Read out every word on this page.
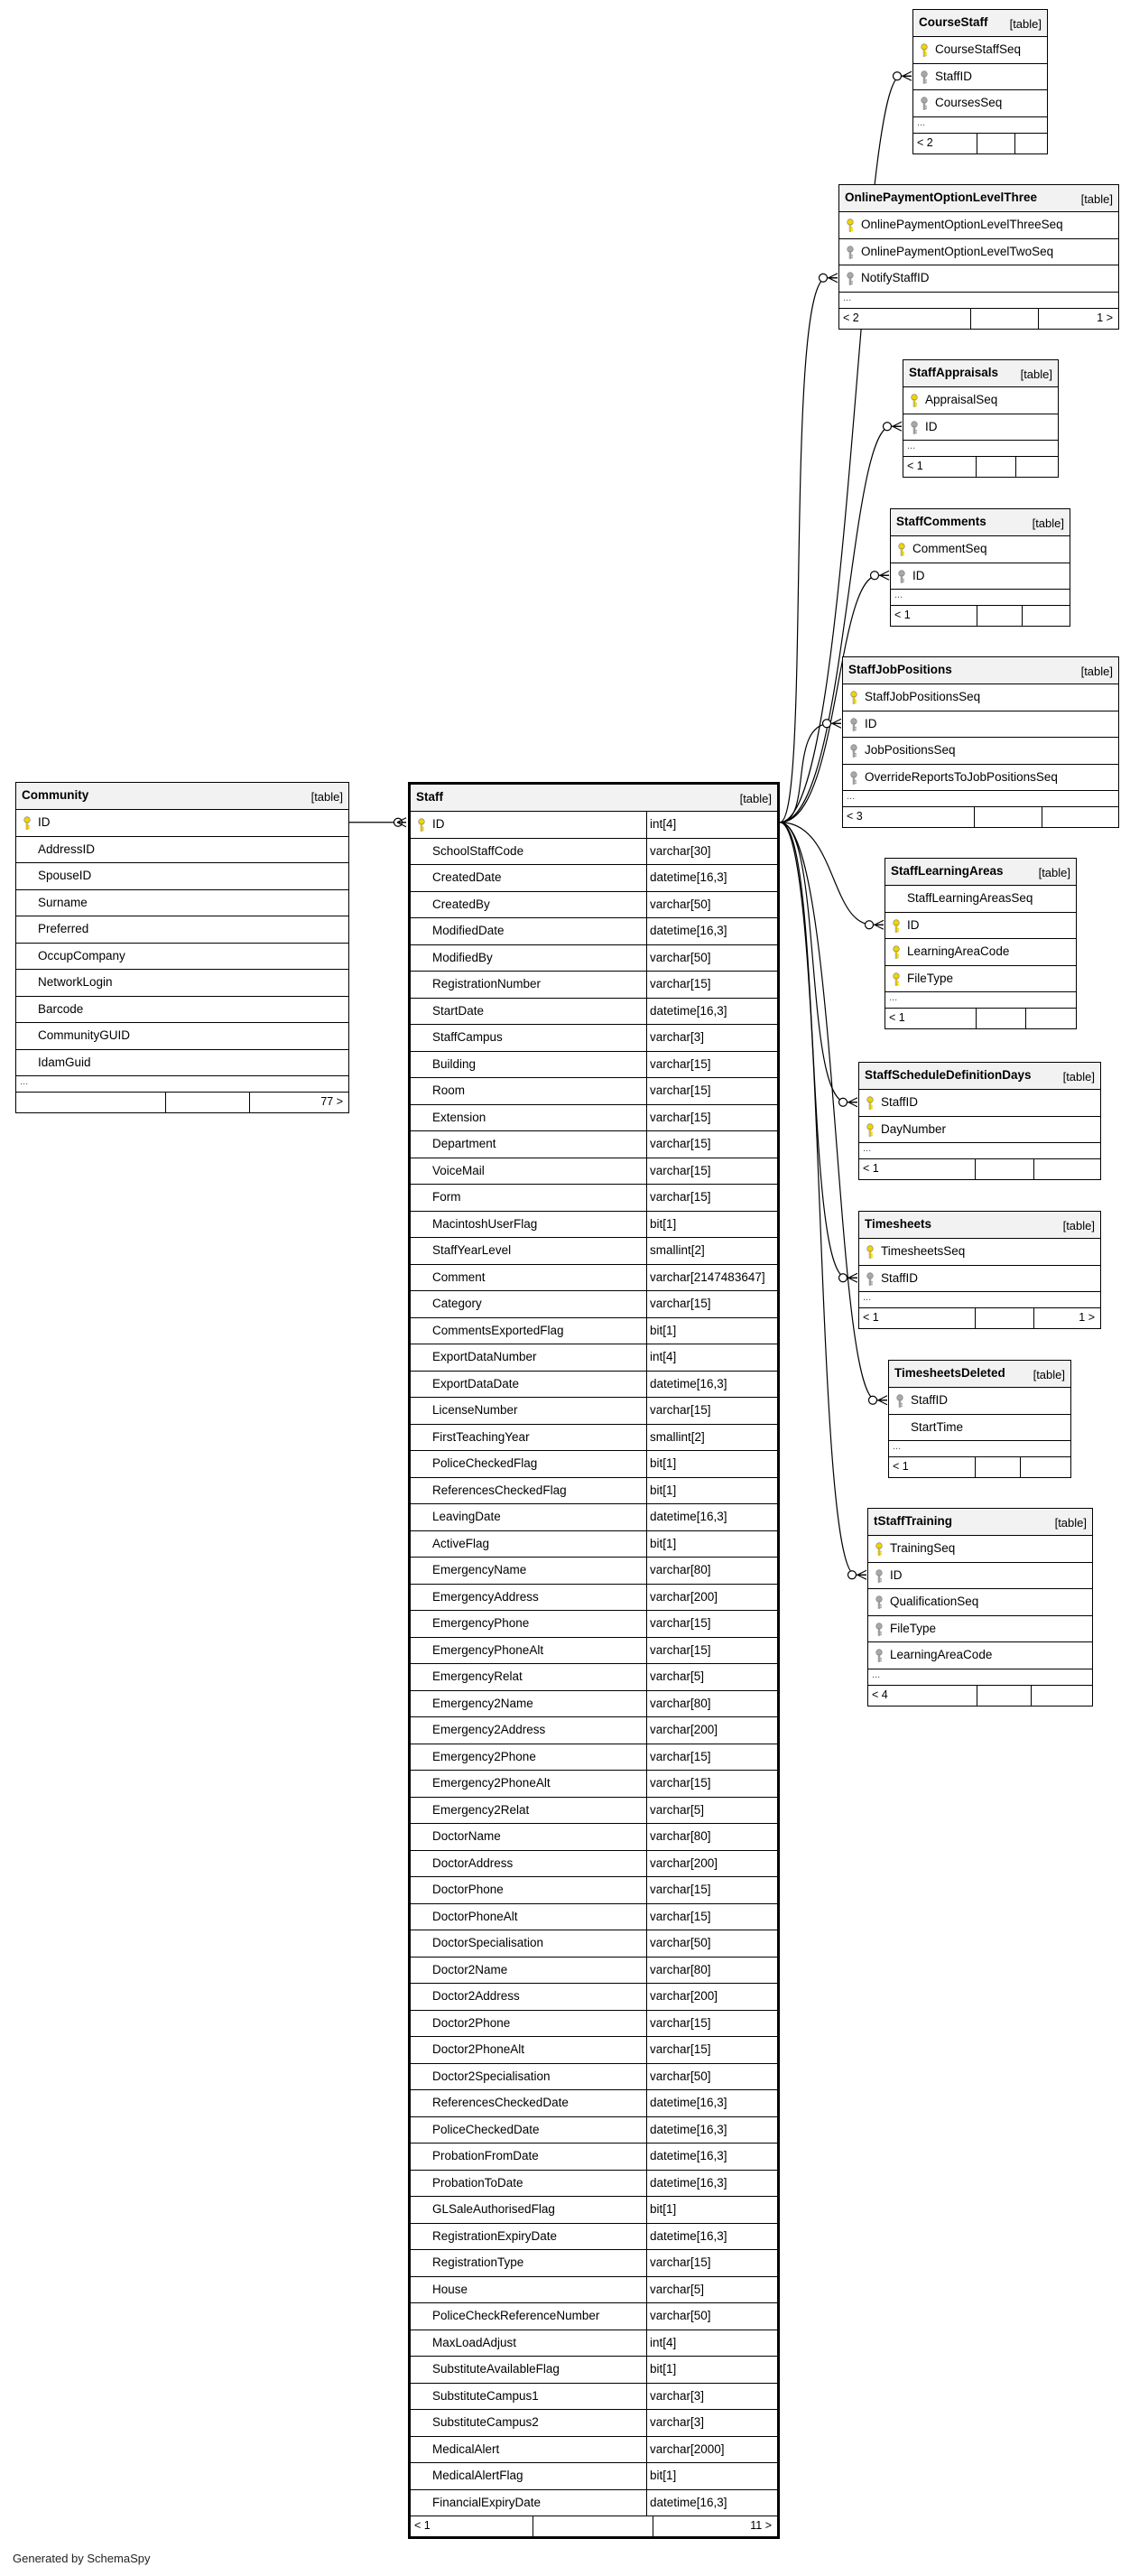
Community	[table]
ID
AddressID
SpouseID
Surname
Preferred
OccupCompany
NetworkLogin
Barcode
CommunityGUID
IdamGuid
...
77 >
Staff	[table]
ID	int[4]
SchoolStaffCode	varchar[30]
CreatedDate	datetime[16,3]
CreatedBy	varchar[50]
ModifiedDate	datetime[16,3]
ModifiedBy	varchar[50]
RegistrationNumber	varchar[15]
StartDate	datetime[16,3]
StaffCampus	varchar[3]
Building	varchar[15]
Room	varchar[15]
Extension	varchar[15]
Department	varchar[15]
VoiceMail	varchar[15]
Form	varchar[15]
MacintoshUserFlag	bit[1]
StaffYearLevel	smallint[2]
Comment	varchar[2147483647]
Category	varchar[15]
CommentsExportedFlag	bit[1]
ExportDataNumber	int[4]
ExportDataDate	datetime[16,3]
LicenseNumber	varchar[15]
FirstTeachingYear	smallint[2]
PoliceCheckedFlag	bit[1]
ReferencesCheckedFlag	bit[1]
LeavingDate	datetime[16,3]
ActiveFlag	bit[1]
EmergencyName	varchar[80]
EmergencyAddress	varchar[200]
EmergencyPhone	varchar[15]
EmergencyPhoneAlt	varchar[15]
EmergencyRelat	varchar[5]
Emergency2Name	varchar[80]
Emergency2Address	varchar[200]
Emergency2Phone	varchar[15]
Emergency2PhoneAlt	varchar[15]
Emergency2Relat	varchar[5]
DoctorName	varchar[80]
DoctorAddress	varchar[200]
DoctorPhone	varchar[15]
DoctorPhoneAlt	varchar[15]
DoctorSpecialisation	varchar[50]
Doctor2Name	varchar[80]
Doctor2Address	varchar[200]
Doctor2Phone	varchar[15]
Doctor2PhoneAlt	varchar[15]
Doctor2Specialisation	varchar[50]
ReferencesCheckedDate	datetime[16,3]
PoliceCheckedDate	datetime[16,3]
ProbationFromDate	datetime[16,3]
ProbationToDate	datetime[16,3]
GLSaleAuthorisedFlag	bit[1]
RegistrationExpiryDate	datetime[16,3]
RegistrationType	varchar[15]
House	varchar[5]
PoliceCheckReferenceNumber	varchar[50]
MaxLoadAdjust	int[4]
SubstituteAvailableFlag	bit[1]
SubstituteCampus1	varchar[3]
SubstituteCampus2	varchar[3]
MedicalAlert	varchar[2000]
MedicalAlertFlag	bit[1]
FinancialExpiryDate	datetime[16,3]
< 1	11 >
CourseStaff [table]
CourseStaffSeq
StaffID
CoursesSeq
...
< 2
OnlinePaymentOptionLevelThree	[table]
OnlinePaymentOptionLevelThreeSeq
OnlinePaymentOptionLevelTwoSeq
NotifyStaffID
...
< 2	1 >
StaffAppraisals [table]
AppraisalSeq
ID
...
< 1
StaffComments	[table]
CommentSeq
ID
...
< 1
StaffJobPositions	[table]
StaffJobPositionsSeq
ID
JobPositionsSeq
OverrideReportsToJobPositionsSeq
...
< 3
StaffLearningAreas	[table]
StaffLearningAreasSeq
ID
LearningAreaCode
FileType
...
< 1
StaffScheduleDefinitionDays	[table]
StaffID
DayNumber
...
< 1
Timesheets	[table]
TimesheetsSeq
StaffID
...
< 1	1 >
TimesheetsDeleted [table]
StaffID
StartTime
...
< 1
tStaffTraining	[table]
TrainingSeq
ID
QualificationSeq
FileType
LearningAreaCode
...
< 4
Generated by SchemaSpy
